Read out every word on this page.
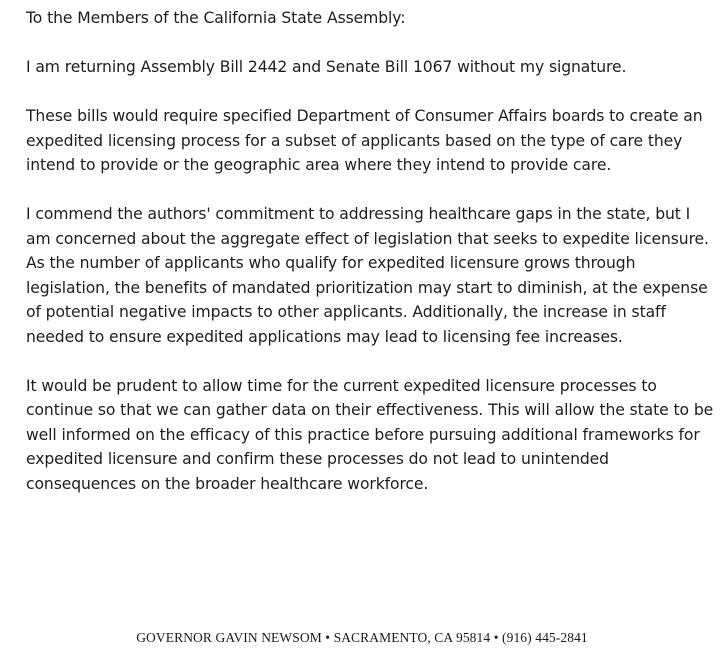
To the Members of the California State Assembly:

I am returning Assembly Bill 2442 and Senate Bill 1067 without my signature.

These bills would require specified Department of Consumer Affairs boards to create an expedited licensing process for a subset of applicants based on the type of care they intend to provide or the geographic area where they intend to provide care.

I commend the authors' commitment to addressing healthcare gaps in the state, but I am concerned about the aggregate effect of legislation that seeks to expedite licensure. As the number of applicants who qualify for expedited licensure grows through legislation, the benefits of mandated prioritization may start to diminish, at the expense of potential negative impacts to other applicants. Additionally, the increase in staff needed to ensure expedited applications may lead to licensing fee increases.

It would be prudent to allow time for the current expedited licensure processes to continue so that we can gather data on their effectiveness. This will allow the state to be well informed on the efficacy of this practice before pursuing additional frameworks for expedited licensure and confirm these processes do not lead to unintended consequences on the broader healthcare workforce.

GOVERNOR GAVIN NEWSOM • SACRAMENTO, CA 95814 • (916) 445-2841
